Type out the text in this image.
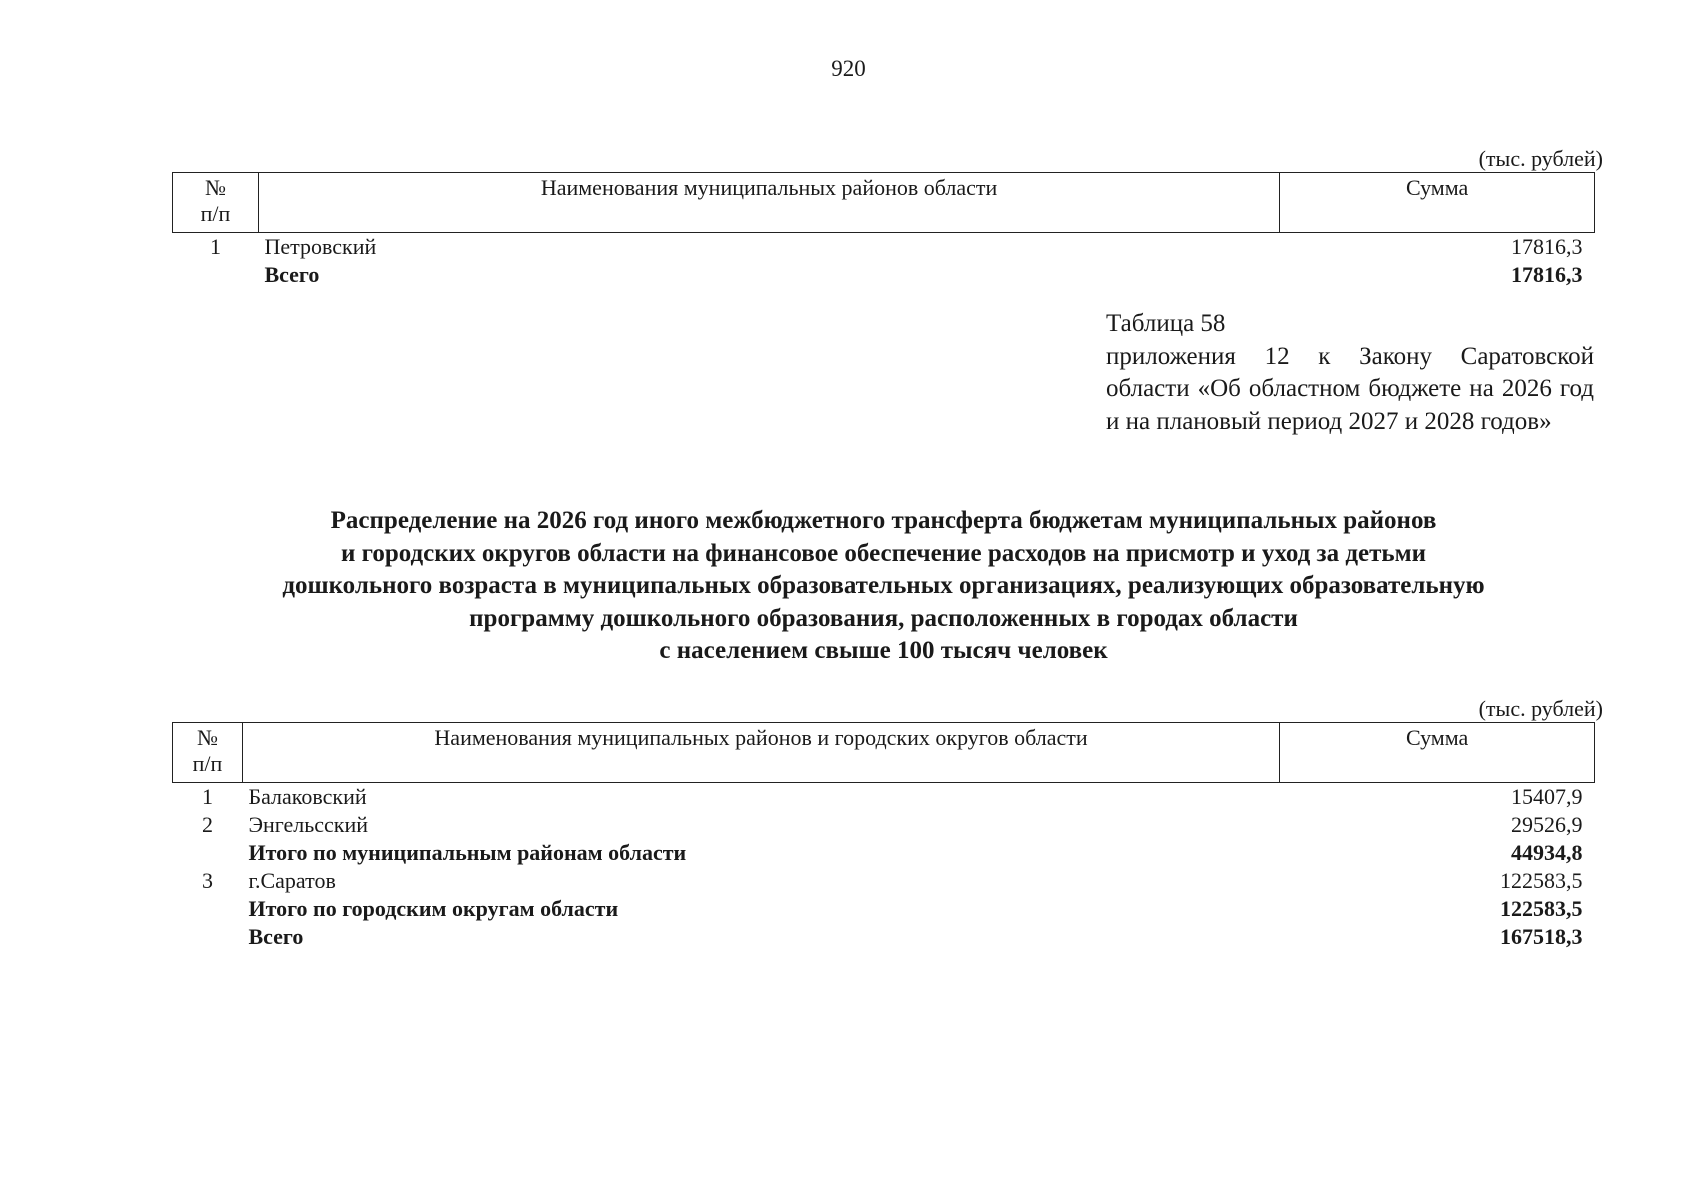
920
(тыс. рублей)
№
п/п	Наименования муниципальных районов области	Сумма
1	Петровский	17816,3
	Всего	17816,3
Таблица 58
приложения 12 к Закону Саратовской области «Об областном бюджете на 2026 год и на плановый период 2027 и 2028 годов»
Распределение на 2026 год иного межбюджетного трансферта бюджетам муниципальных районов
и городских округов области на финансовое обеспечение расходов на присмотр и уход за детьми
дошкольного возраста в муниципальных образовательных организациях, реализующих образовательную
программу дошкольного образования, расположенных в городах области
с населением свыше 100 тысяч человек
(тыс. рублей)
№
п/п	Наименования муниципальных районов и городских округов области	Сумма
1	Балаковский	15407,9
2	Энгельсский	29526,9
	Итого по муниципальным районам области	44934,8
3	г.Саратов	122583,5
	Итого по городским округам области	122583,5
	Всего	167518,3
